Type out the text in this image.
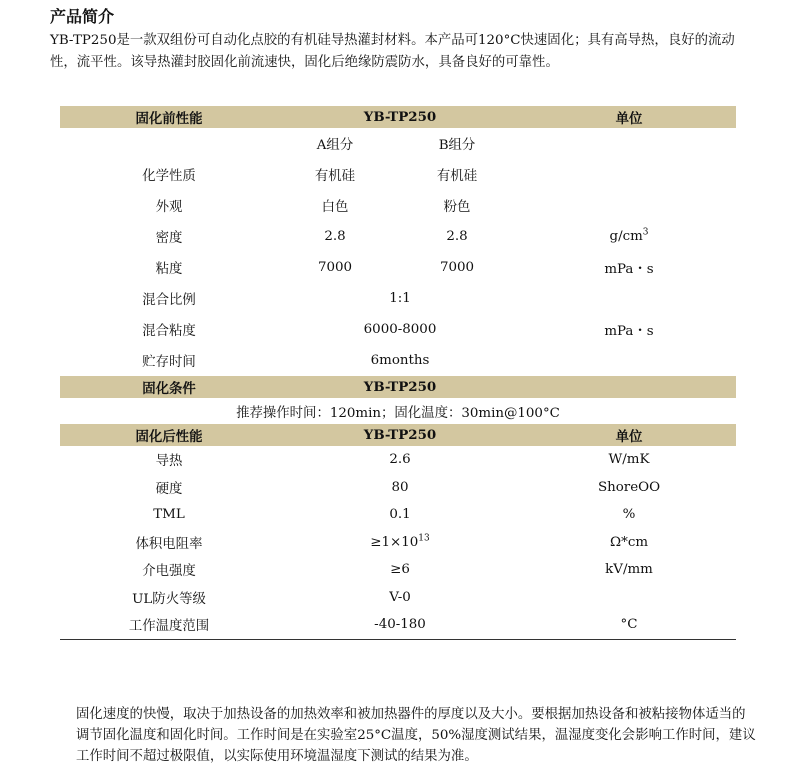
产品简介

YB-TP250是一款双组份可自动化点胶的有机硅导热灌封材料。本产品可120°C快速固化；具有高导热，良好的流动性，流平性。该导热灌封胶固化前流速快，固化后绝缘防震防水，具备良好的可靠性。

固化前性能	YB-TP250		单位
	A组分	B组分	
化学性质	有机硅	有机硅	
外观	白色	粉色	
密度	2.8	2.8	$g/cm^3$
粘度	7000	7000	mPa・s
混合比例	1:1		
混合粘度	6000-8000		mPa・s
贮存时间	6months		
固化条件	YB-TP250		
推荐操作时间：120min；固化温度：30min@100°C			
固化后性能	YB-TP250		单位
导热	2.6		W/mK
硬度	80		ShoreOO
TML	0.1		%
体积电阻率	$\ge 1\times 10^{13}$		Ω*cm
介电强度	≥6		kV/mm
UL防火等级	V-0		
工作温度范围	-40-180		°C

固化速度的快慢，取决于加热设备的加热效率和被加热器件的厚度以及大小。要根据加热设备和被粘接物体适当的调节固化温度和固化时间。工作时间是在实验室25°C温度，50%湿度测试结果，温湿度变化会影响工作时间，建议工作时间不超过极限值，以实际使用环境温湿度下测试的结果为准。
